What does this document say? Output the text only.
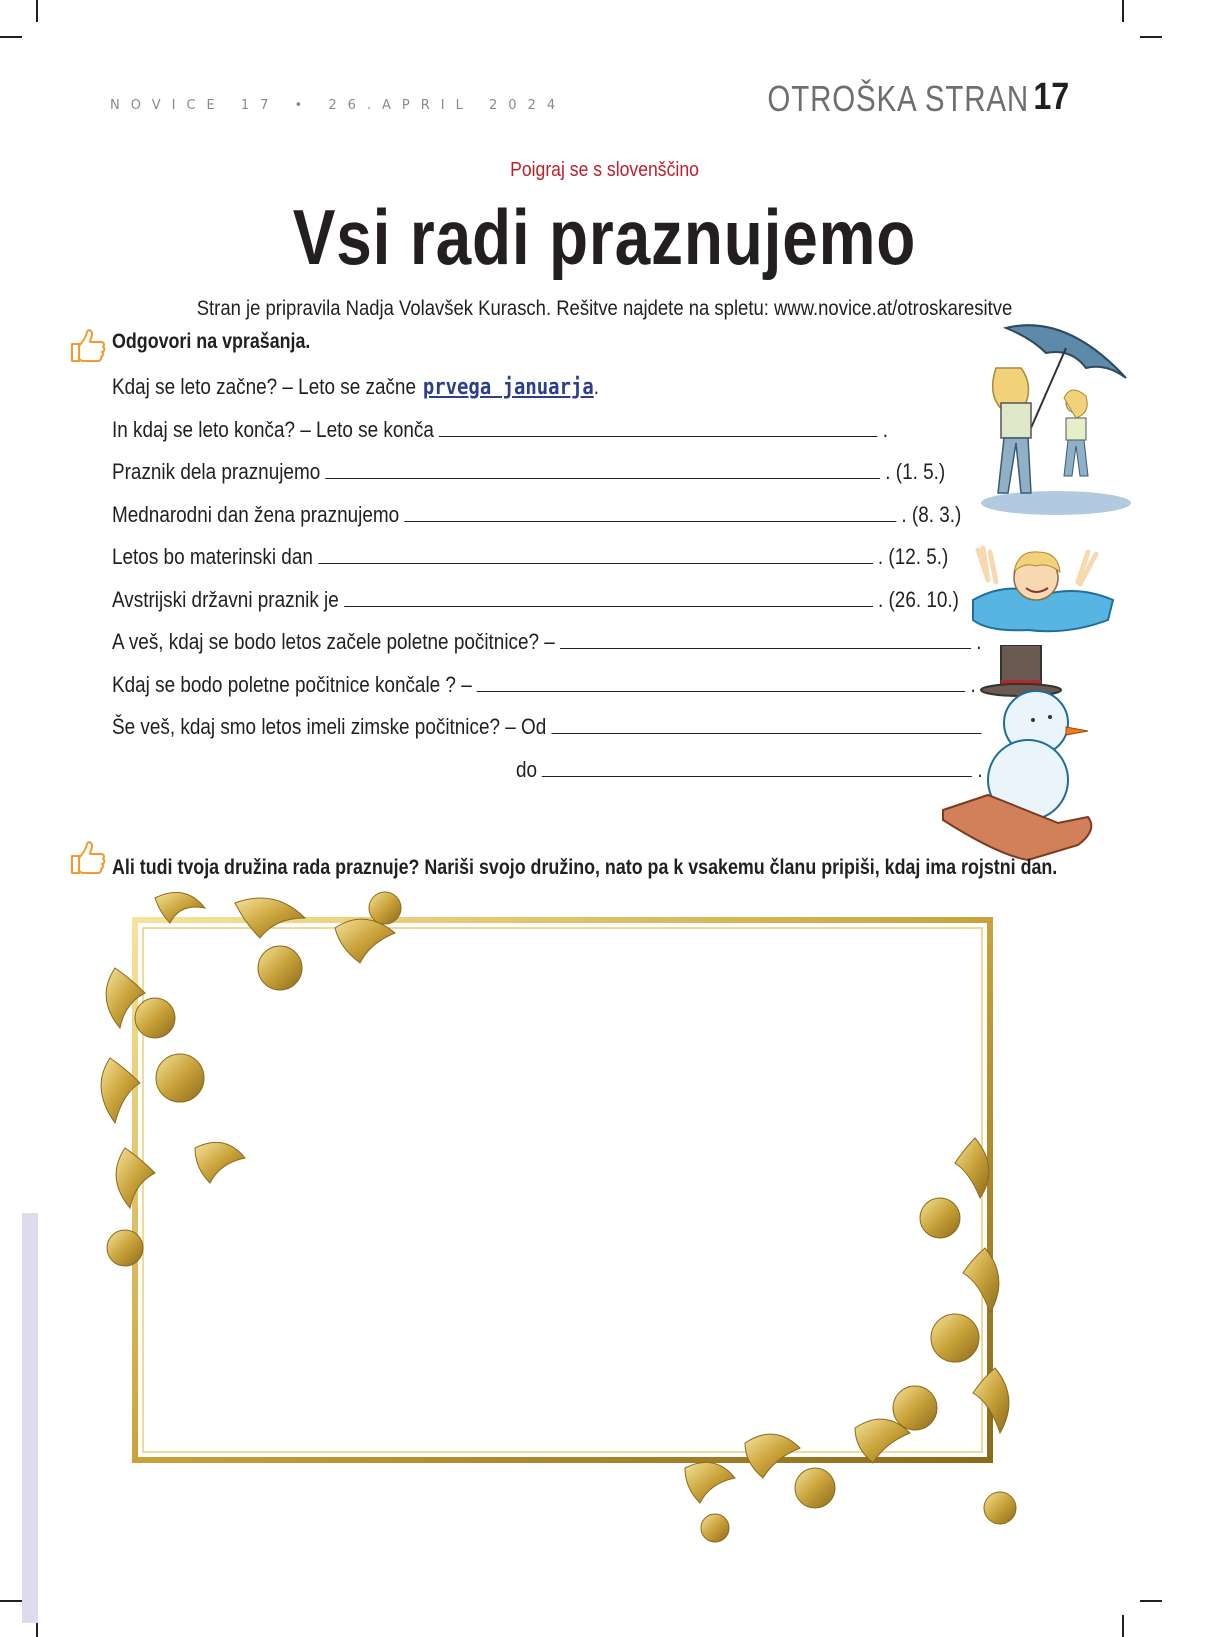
NOVICE 17 • 26.APRIL 2024	OTROŠKA STRAN 17
Poigraj se s slovenščino
Vsi radi praznujemo
Stran je pripravila Nadja Volavšek Kurasch. Rešitve najdete na spletu: www.novice.at/otroskaresitve
Odgovori na vprašanja.
Kdaj se leto začne? – Leto se začne prvega januarja .
In kdaj se leto konča? – Leto se konča	.
Praznik dela praznujemo	. (1. 5.)
Mednarodni dan žena praznujemo	. (8. 3.)
Letos bo materinski dan	. (12. 5.)
Avstrijski državni praznik je	. (26. 10.)
A veš, kdaj se bodo letos začele poletne počitnice? –	.
Kdaj se bodo poletne počitnice končale ? –	.
Še veš, kdaj smo letos imeli zimske počitnice? – Od
do	.
Ali tudi tvoja družina rada praznuje? Nariši svojo družino, nato pa k vsakemu članu pripiši, kdaj ima rojstni dan.
